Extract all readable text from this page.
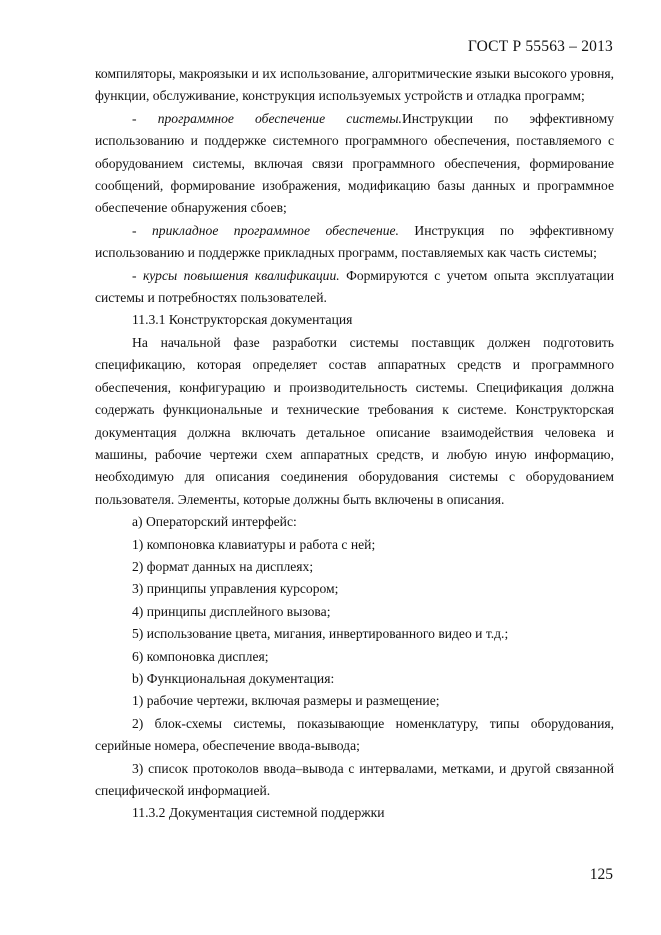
ГОСТ Р 55563 – 2013

компиляторы, макроязыки и их использование, алгоритмические языки высокого уровня, функции, обслуживание, конструкция используемых устройств и отладка программ;

- программное обеспечение системы.Инструкции по эффективному использованию и поддержке системного программного обеспечения, поставляемого с оборудованием системы, включая связи программного обеспечения, формирование сообщений, формирование изображения, модификацию базы данных и программное обеспечение обнаружения сбоев;

- прикладное программное обеспечение. Инструкция по эффективному использованию и поддержке прикладных программ, поставляемых как часть системы;

- курсы повышения квалификации. Формируются с учетом опыта эксплуатации системы и потребностях пользователей.

11.3.1 Конструкторская документация

На начальной фазе разработки системы поставщик должен подготовить спецификацию, которая определяет состав аппаратных средств и программного обеспечения, конфигурацию и производительность системы. Спецификация должна содержать функциональные и технические требования к системе. Конструкторская документация должна включать детальное описание взаимодействия человека и машины, рабочие чертежи схем аппаратных средств, и любую иную информацию, необходимую для описания соединения оборудования системы с оборудованием пользователя. Элементы, которые должны быть включены в описания.

a) Операторский интерфейс:

1) компоновка клавиатуры и работа с ней;

2) формат данных на дисплеях;

3) принципы управления курсором;

4) принципы дисплейного вызова;

5) использование цвета, мигания, инвертированного видео и т.д.;

6) компоновка дисплея;

b) Функциональная документация:

1) рабочие чертежи, включая размеры и размещение;

2) блок-схемы системы, показывающие номенклатуру, типы оборудования, серийные номера, обеспечение ввода-вывода;

3) список протоколов ввода–вывода с интервалами, метками, и другой связанной специфической информацией.

11.3.2 Документация системной поддержки

125
